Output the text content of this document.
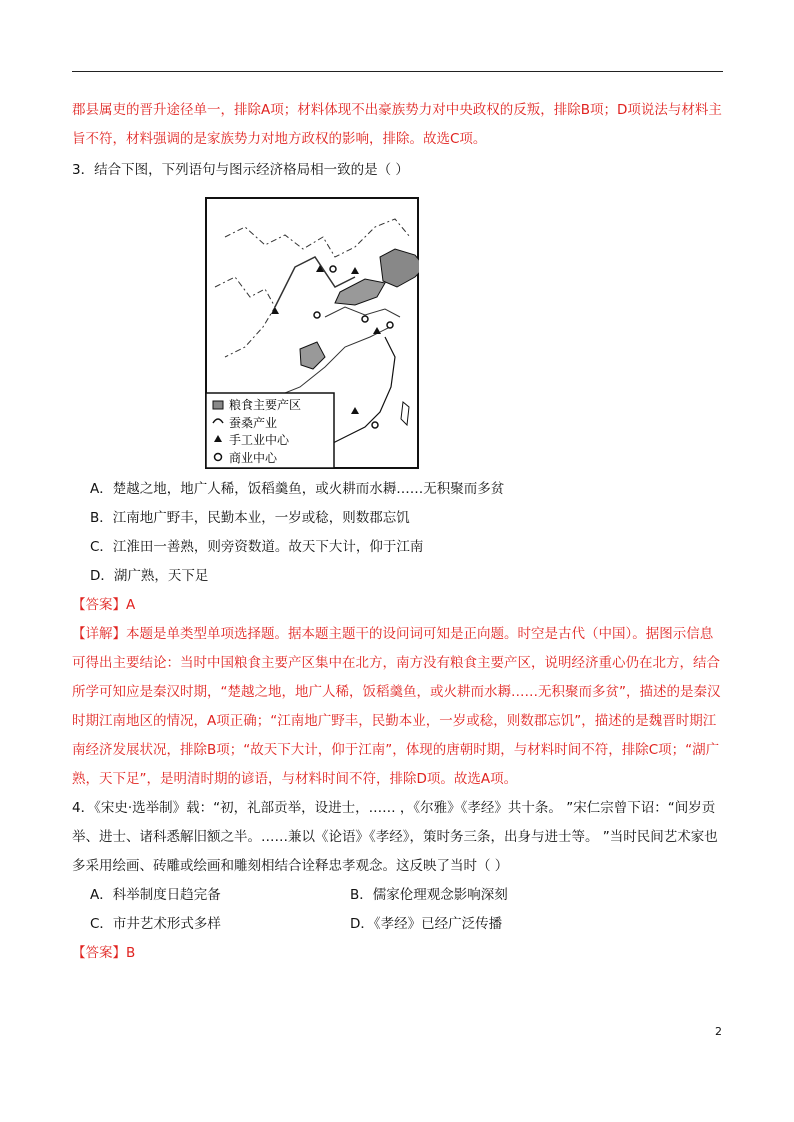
郡县属吏的晋升途径单一，排除A项；材料体现不出豪族势力对中央政权的反叛，排除B项；D项说法与材料主旨不符，材料强调的是家族势力对地方政权的影响，排除。故选C项。

3．结合下图，下列语句与图示经济格局相一致的是（ ）

粮食主要产区
蚕桑产业
手工业中心
商业中心

A．楚越之地，地广人稀，饭稻羹鱼，或火耕而水耨……无积聚而多贫

B．江南地广野丰，民勤本业，一岁或稔，则数郡忘饥

C．江淮田一善熟，则旁资数道。故天下大计，仰于江南

D．湖广熟，天下足

【答案】A

【详解】本题是单类型单项选择题。据本题主题干的设问词可知是正向题。时空是古代（中国）。据图示信息可得出主要结论：当时中国粮食主要产区集中在北方，南方没有粮食主要产区，说明经济重心仍在北方，结合所学可知应是秦汉时期，“楚越之地，地广人稀，饭稻羹鱼，或火耕而水耨……无积聚而多贫”，描述的是秦汉时期江南地区的情况，A项正确；“江南地广野丰，民勤本业，一岁或稔，则数郡忘饥”，描述的是魏晋时期江南经济发展状况，排除B项；“故天下大计，仰于江南”，体现的唐朝时期，与材料时间不符，排除C项；“湖广熟，天下足”，是明清时期的谚语，与材料时间不符，排除D项。故选A项。

4．《宋史·选举制》载：“初，礼部贡举，设进士，…… ，《尔雅》《孝经》共十条。 ”宋仁宗曾下诏：“间岁贡举、进士、诸科悉解旧额之半。……兼以《论语》《孝经》，策时务三条，出身与进士等。 ”当时民间艺术家也多采用绘画、砖雕或绘画和雕刻相结合诠释忠孝观念。这反映了当时（ ）

A．科举制度日趋完备	B．儒家伦理观念影响深刻

C．市井艺术形式多样	D．《孝经》已经广泛传播

【答案】B

2
